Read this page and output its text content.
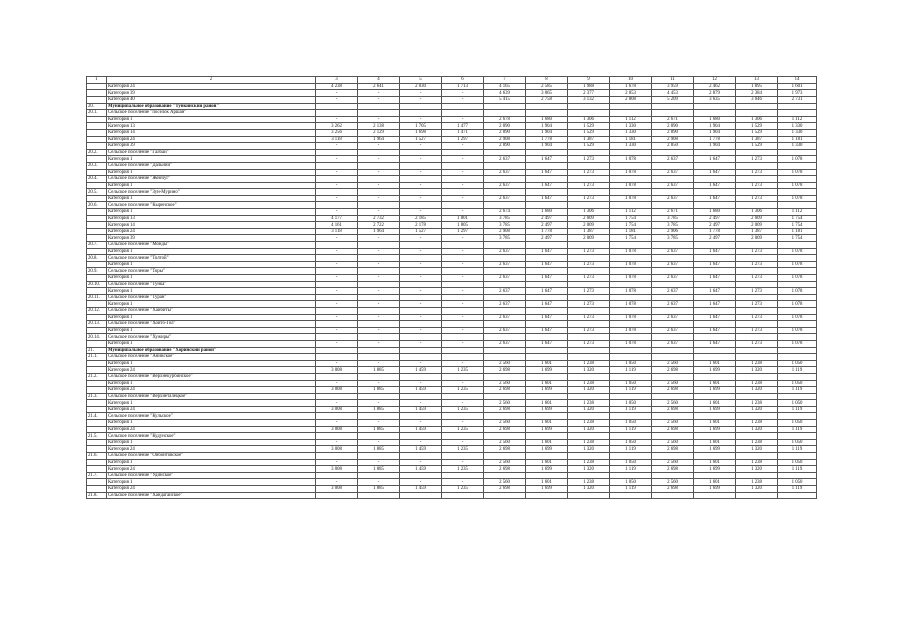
1	2	3	4	5	6	7	8	9	10	11	12	13	14
	Категория 24	4 238	2 641	2 030	1 713	4 165	2 585	1 988	1 678	3 959	2 462	1 895	1 601
	Категория 39	-	-	-	-	4 639	3 065	2 377	2 053	4 453	2 879	2 384	1 973
	Категория 40	-	-	-	-	5 415	2 758	3 132	2 808	5 209	3 635	3 046	2 731
20.	Муниципальное образование "Тункинский район"												
20.1.	Сельское поселение "поселок Аршан"												
	Категория 1	-	-	-	-	2 678	1 680	1 306	1 112	2 671	1 680	1 306	1 112
	Категория 13	3 262	2 138	1 705	1 477	2 890	1 904	1 529	1 330	2 890	1 904	1 529	1 330
	Категория 14	3 256	2 129	1 698	1 471	2 890	1 904	1 529	1 330	2 890	1 904	1 529	1 330
	Категория 24	3 118	1 964	1 527	1 297	2 908	1 778	1 387	1 181	2 908	1 778	1 387	1 181
	Категория 39	-	-	-	-	2 890	1 904	1 529	1 330	2 850	1 904	1 529	1 330
20.2.	Сельское поселение "Галбай"												
	Категория 1	-	-	-	-	2 637	1 647	1 273	1 078	2 637	1 647	1 273	1 078
20.3.	Сельское поселение "Дальний"												
	Категория 1	-	-	-	-	2 637	1 647	1 273	1 078	2 637	1 647	1 273	1 078
20.4.	Сельское поселение "Жемчуг"												
	Категория 1	-	-	-	-	2 637	1 647	1 273	1 078	2 637	1 647	1 273	1 078
20.5.	Сельское поселение "Зун-Мурино"												
	Категория 1	-	-	-	-	2 637	1 647	1 273	1 078	2 637	1 647	1 273	1 078
20.6.	Сельское поселение "Кыренское"												
	Категория 1	-	-	-	-	2 674	1 680	1 306	1 112	2 671	1 680	1 306	1 112
	Категория 13	4 177	2 732	2 185	1 801	3 785	2 497	2 009	1 754	3 785	2 497	2 009	1 754
	Категория 14	4 161	2 722	2 178	1 805	3 785	2 497	2 009	1 754	3 785	2 497	2 009	1 754
	Категория 24	3 118	1 964	1 527	1 297	2 908	1 778	1 387	1 181	2 906	1 778	1 387	1 181
	Категория 39	-	-	-	-	3 785	2 497	2 009	1 754	3 785	2 497	2 009	1 754
20.7.	Сельское поселение "Монды"												
	Категория 1	-	-	-	-	2 637	1 647	1 273	1 078	2 637	1 647	1 273	1 078
20.8.	Сельское поселение "Толтой"												
	Категория 1	-	-	-	-	2 637	1 647	1 273	1 078	2 637	1 647	1 273	1 078
20.9.	Сельское поселение "Торы"												
	Категория 1	-	-	-	-	2 637	1 647	1 273	1 078	2 637	1 647	1 273	1 078
20.10.	Сельское поселение "Тунка"												
	Категория 1	-	-	-	-	2 637	1 647	1 273	1 078	2 637	1 647	1 273	1 078
20.11.	Сельское поселение "Туран"												
	Категория 1	-	-	-	-	2 637	1 647	1 273	1 078	2 637	1 647	1 273	1 078
20.12.	Сельское поселение "Хайбиты"												
	Категория 1	-	-	-	-	2 637	1 647	1 273	1 078	2 637	1 647	1 273	1 078
20.13.	Сельское поселение "Хойто-Гол"												
	Категория 1	-	-	-	-	2 637	1 647	1 273	1 078	2 637	1 647	1 273	1 078
20.14.	Сельское поселение "Хужиры"												
	Категория 1	-	-	-	-	2 637	1 647	1 273	1 078	2 637	1 647	1 273	1 078
21.	Муниципальное образование "Хоринский район"												
21.1.	Сельское поселение "Анинское"												
	Категория 1	-	-	-	-	2 560	1 601	1 238	1 050	2 560	1 601	1 238	1 050
	Категория 24	3 008	1 885	1 459	1 235	2 698	1 699	1 320	1 119	2 698	1 699	1 320	1 119
21.2.	Сельское поселение "Верхнекурбинское"												
	Категория 1	-	-	-	-	2 560	1 601	1 238	1 050	2 560	1 601	1 238	1 050
	Категория 24	3 008	1 885	1 459	1 235	2 698	1 699	1 320	1 119	2 698	1 699	1 320	1 119
21.3.	Сельское поселение "Верхнеталецкое"												
	Категория 1	-	-	-	-	2 560	1 601	1 238	1 050	2 560	1 601	1 238	1 050
	Категория 24	3 008	1 885	1 459	1 235	2 698	1 699	1 320	1 119	2 698	1 699	1 320	1 119
21.4.	Сельское поселение "Кульское"												
	Категория 1	-	-	-	-	2 560	1 601	1 238	1 050	2 560	1 601	1 238	1 050
	Категория 24	3 008	1 885	1 459	1 235	2 698	1 699	1 320	1 119	2 698	1 699	1 320	1 119
21.5.	Сельское поселение "Кудунское"												
	Категория 1	-	-	-	-	2 560	1 601	1 238	1 050	2 560	1 601	1 238	1 050
	Категория 24	3 008	1 885	1 459	1 235	2 698	1 699	1 320	1 119	2 698	1 699	1 320	1 119
21.6.	Сельское поселение "Ойбонтовское"												
	Категория 1	-	-	-	-	2 560	1 601	1 238	1 050	2 560	1 601	1 238	1 050
	Категория 24	3 008	1 885	1 459	1 235	2 698	1 699	1 320	1 119	2 698	1 699	1 320	1 119
21.7.	Сельское поселение "Удинское"												
	Категория 1	-	-	-	-	2 560	1 601	1 238	1 050	2 560	1 601	1 238	1 050
	Категория 24	3 008	1 885	1 459	1 235	2 698	1 699	1 320	1 119	2 698	1 699	1 320	1 119
21.8.	Сельское поселение "Хандагайское"												
